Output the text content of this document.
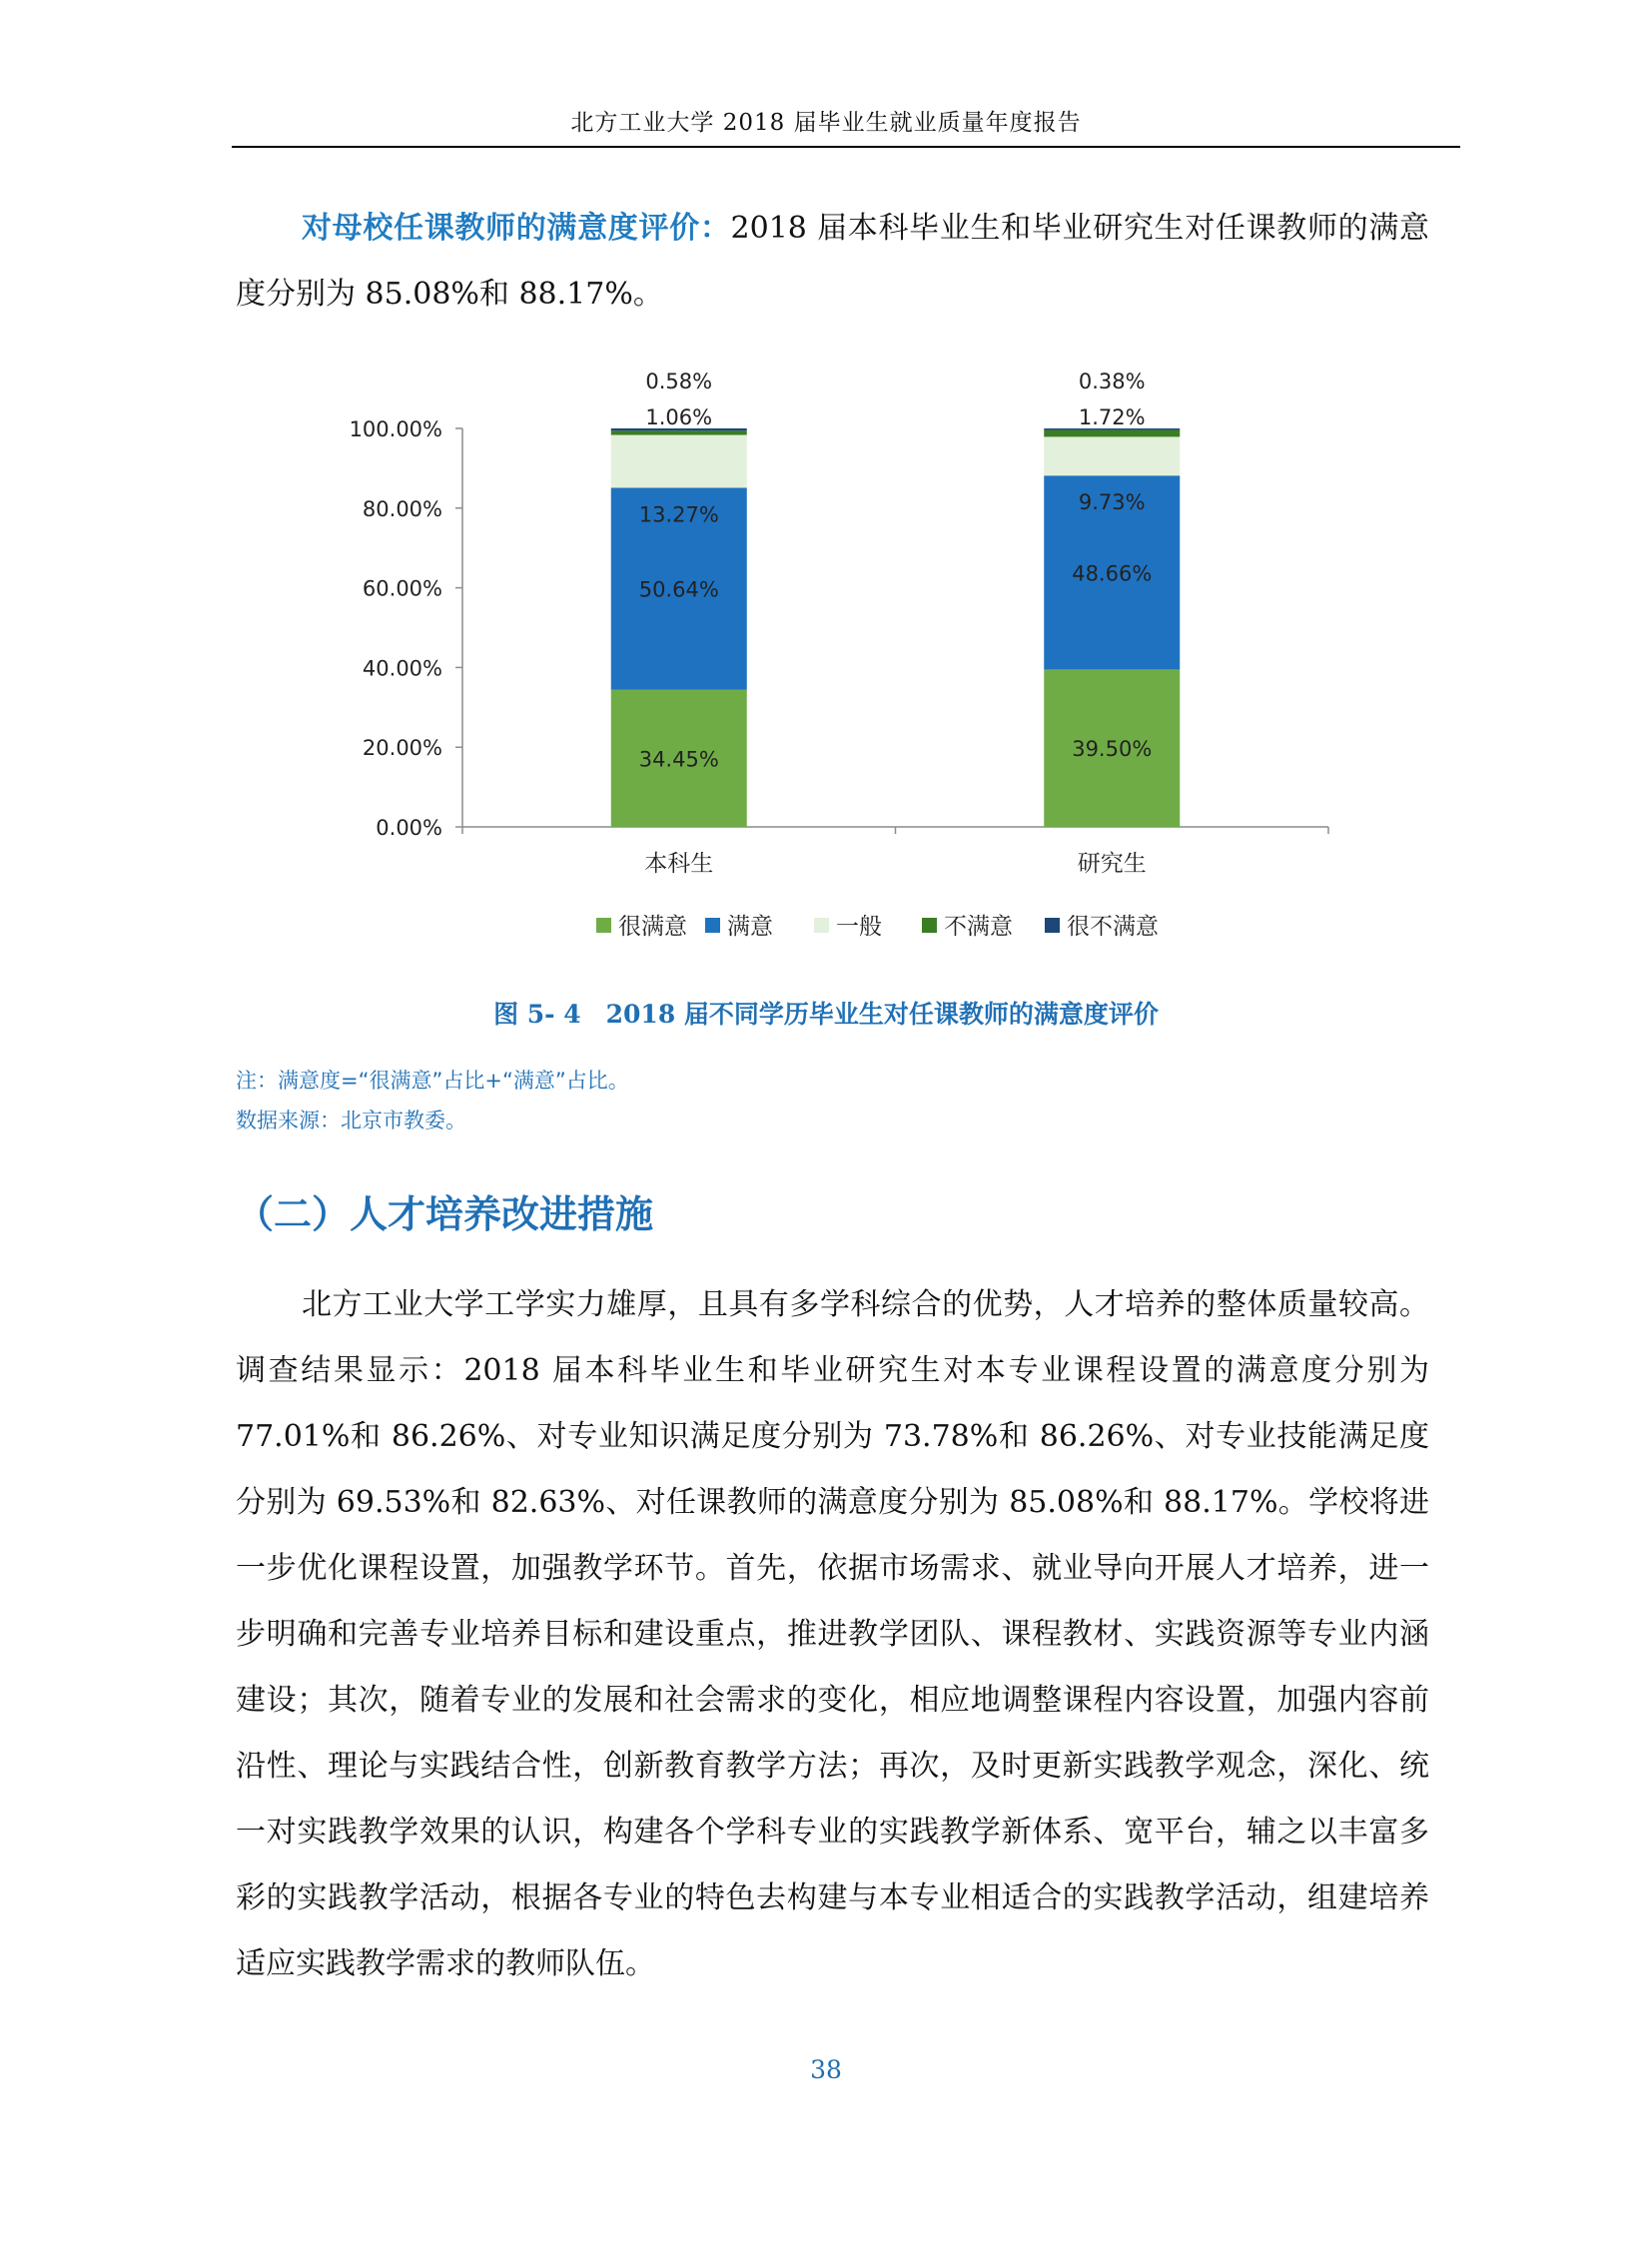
北方工业大学 2018 届毕业生就业质量年度报告
对母校任课教师的满意度评价：2018 届本科毕业生和毕业研究生对任课教师的满意度分别为 85.08%和 88.17%。
0.00%
20.00%
40.00%
60.00%
80.00%
100.00%
34.45%
50.64%
13.27%
1.06%
0.58%
本科生
39.50%
48.66%
9.73%
1.72%
0.38%
研究生
很满意 满意	一般	不满意 很不满意
图 5- 4　2018 届不同学历毕业生对任课教师的满意度评价
注：满意度=“很满意”占比+“满意”占比。
数据来源：北京市教委。
（二）人才培养改进措施
北方工业大学工学实力雄厚，且具有多学科综合的优势，人才培养的整体质量较高。调查结果显示：2018 届本科毕业生和毕业研究生对本专业课程设置的满意度分别为 77.01%和 86.26%、对专业知识满足度分别为 73.78%和 86.26%、对专业技能满足度分别为 69.53%和 82.63%、对任课教师的满意度分别为 85.08%和 88.17%。学校将进一步优化课程设置，加强教学环节。首先，依据市场需求、就业导向开展人才培养，进一步明确和完善专业培养目标和建设重点，推进教学团队、课程教材、实践资源等专业内涵建设；其次，随着专业的发展和社会需求的变化，相应地调整课程内容设置，加强内容前沿性、理论与实践结合性，创新教育教学方法；再次，及时更新实践教学观念，深化、统一对实践教学效果的认识，构建各个学科专业的实践教学新体系、宽平台，辅之以丰富多彩的实践教学活动，根据各专业的特色去构建与本专业相适合的实践教学活动，组建培养适应实践教学需求的教师队伍。
38
